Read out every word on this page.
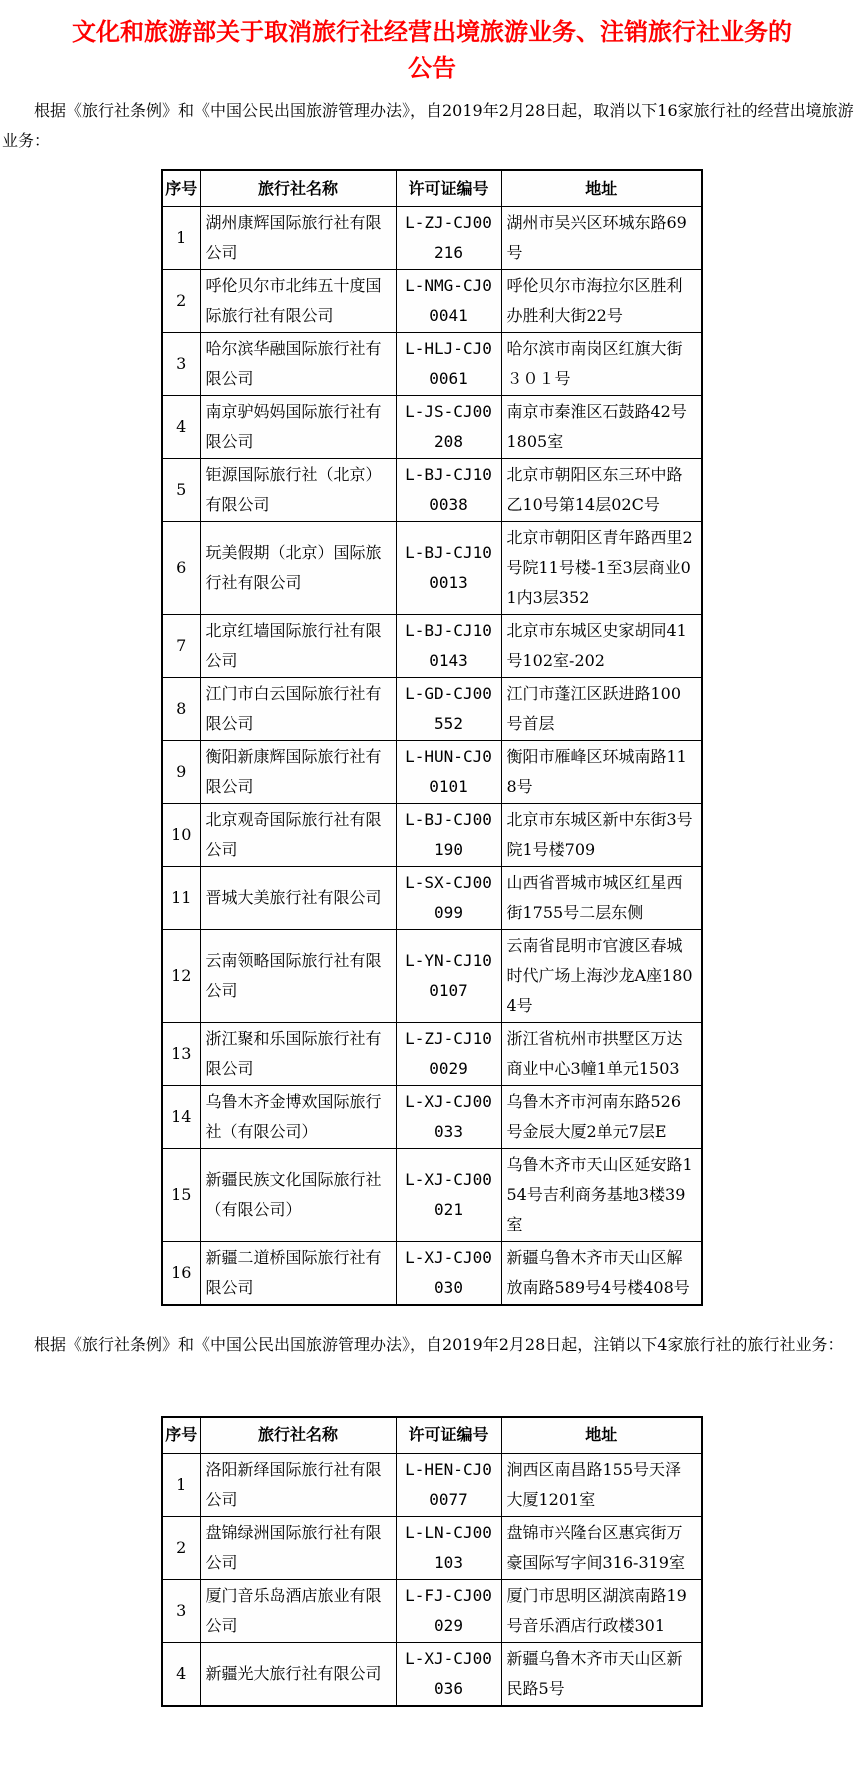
文化和旅游部关于取消旅行社经营出境旅游业务、注销旅行社业务的公告

根据《旅行社条例》和《中国公民出国旅游管理办法》，自2019年2月28日起，取消以下16家旅行社的经营出境旅游业务：

序号	旅行社名称	许可证编号	地址
1	湖州康辉国际旅行社有限公司	L-ZJ-CJ00216	湖州市吴兴区环城东路69号
2	呼伦贝尔市北纬五十度国际旅行社有限公司	L-NMG-CJ00041	呼伦贝尔市海拉尔区胜利办胜利大街22号
3	哈尔滨华融国际旅行社有限公司	L-HLJ-CJ00061	哈尔滨市南岗区红旗大街３０１号
4	南京驴妈妈国际旅行社有限公司	L-JS-CJ00208	南京市秦淮区石鼓路42号1805室
5	钜源国际旅行社（北京）有限公司	L-BJ-CJ100038	北京市朝阳区东三环中路乙10号第14层02C号
6	玩美假期（北京）国际旅行社有限公司	L-BJ-CJ100013	北京市朝阳区青年路西里2号院11号楼-1至3层商业01内3层352
7	北京红墙国际旅行社有限公司	L-BJ-CJ100143	北京市东城区史家胡同41号102室-202
8	江门市白云国际旅行社有限公司	L-GD-CJ00552	江门市蓬江区跃进路100号首层
9	衡阳新康辉国际旅行社有限公司	L-HUN-CJ00101	衡阳市雁峰区环城南路118号
10	北京观奇国际旅行社有限公司	L-BJ-CJ00190	北京市东城区新中东街3号院1号楼709
11	晋城大美旅行社有限公司	L-SX-CJ00099	山西省晋城市城区红星西街1755号二层东侧
12	云南领略国际旅行社有限公司	L-YN-CJ100107	云南省昆明市官渡区春城时代广场上海沙龙A座1804号
13	浙江聚和乐国际旅行社有限公司	L-ZJ-CJ100029	浙江省杭州市拱墅区万达商业中心3幢1单元1503
14	乌鲁木齐金博欢国际旅行社（有限公司）	L-XJ-CJ00033	乌鲁木齐市河南东路526号金辰大厦2单元7层E
15	新疆民族文化国际旅行社（有限公司）	L-XJ-CJ00021	乌鲁木齐市天山区延安路154号吉利商务基地3楼39室
16	新疆二道桥国际旅行社有限公司	L-XJ-CJ00030	新疆乌鲁木齐市天山区解放南路589号4号楼408号

根据《旅行社条例》和《中国公民出国旅游管理办法》，自2019年2月28日起，注销以下4家旅行社的旅行社业务：

序号	旅行社名称	许可证编号	地址
1	洛阳新绎国际旅行社有限公司	L-HEN-CJ00077	涧西区南昌路155号天泽大厦1201室
2	盘锦绿洲国际旅行社有限公司	L-LN-CJ00103	盘锦市兴隆台区惠宾街万豪国际写字间316-319室
3	厦门音乐岛酒店旅业有限公司	L-FJ-CJ00029	厦门市思明区湖滨南路19号音乐酒店行政楼301
4	新疆光大旅行社有限公司	L-XJ-CJ00036	新疆乌鲁木齐市天山区新民路5号
